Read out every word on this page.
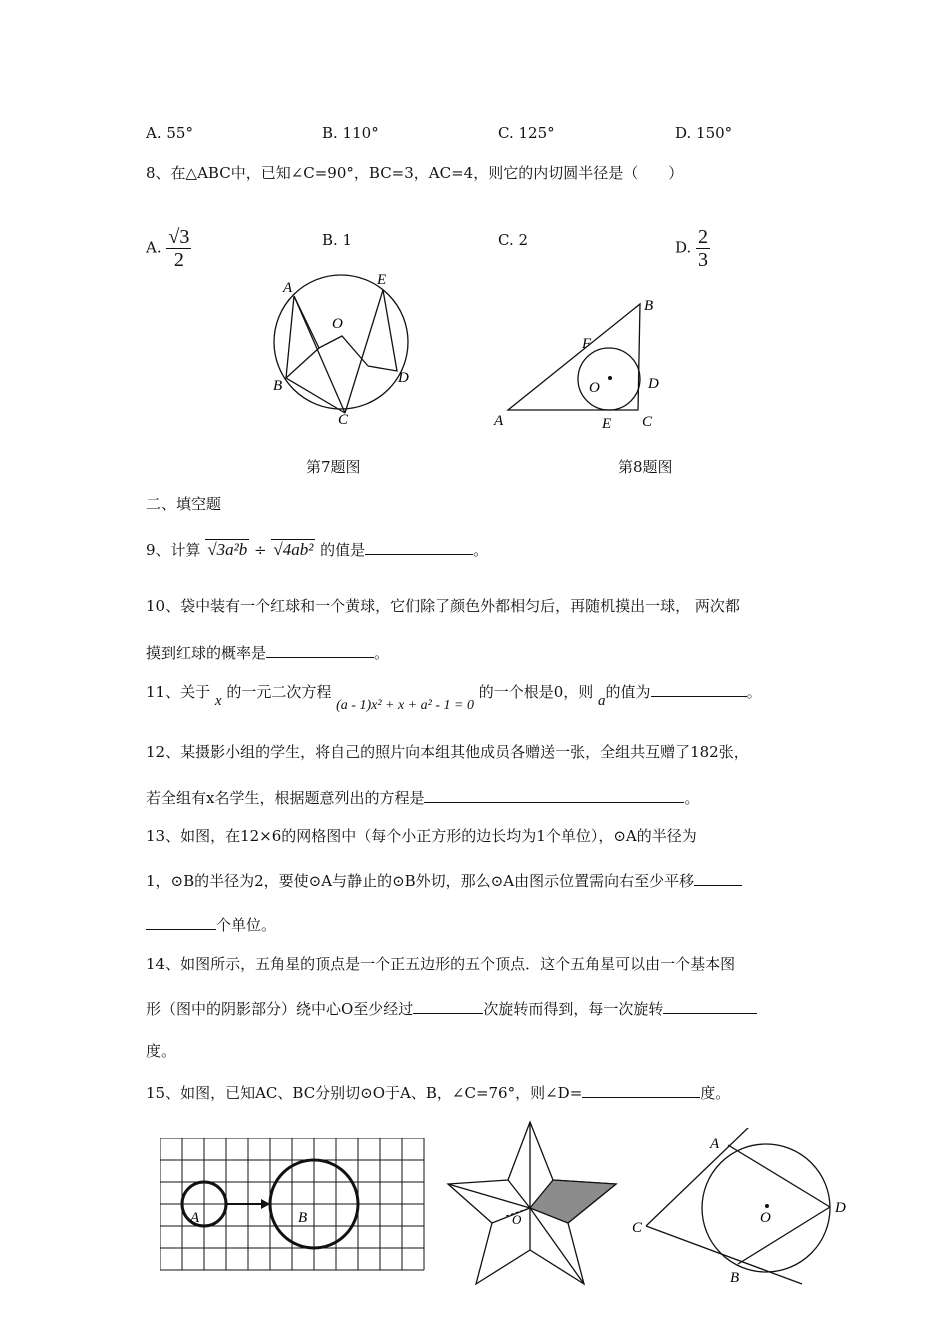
A. 55°	B. 110°	C. 125°	D. 150°
8、在△ABC中，已知∠C=90°，BC=3，AC=4，则它的内切圆半径是（　　）
A. $\frac{√3}{2}$	B. 1	C. 2	D. $\frac{2}{3}$
A	E
O
B	D
C
第7题图
B
F
O	D
A	E C
第8题图
二、填空题
9、计算 √3a²b ÷ √4ab² 的值是	。
10、袋中装有一个红球和一个黄球，它们除了颜色外都相匀后，再随机摸出一球， 两次都
摸到红球的概率是	。
11、关于 x 的一元二次方程 (a - 1)x² + x + a² - 1 = 0 的一个根是0，则 a的值为	。
12、某摄影小组的学生，将自己的照片向本组其他成员各赠送一张，全组共互赠了182张，
若全组有x名学生，根据题意列出的方程是	。
13、如图，在12×6的网格图中（每个小正方形的边长均为1个单位），⊙A的半径为
1，⊙B的半径为2，要使⊙A与静止的⊙B外切，那么⊙A由图示位置需向右至少平移
个单位。
14、如图所示，五角星的顶点是一个正五边形的五个顶点．这个五角星可以由一个基本图
形（图中的阴影部分）绕中心O至少经过	次旋转而得到，每一次旋转
度。
15、如图，已知AC、BC分别切⊙O于A、B，∠C=76°，则∠D=	度。
A	B	O
A
C
O
D
B
